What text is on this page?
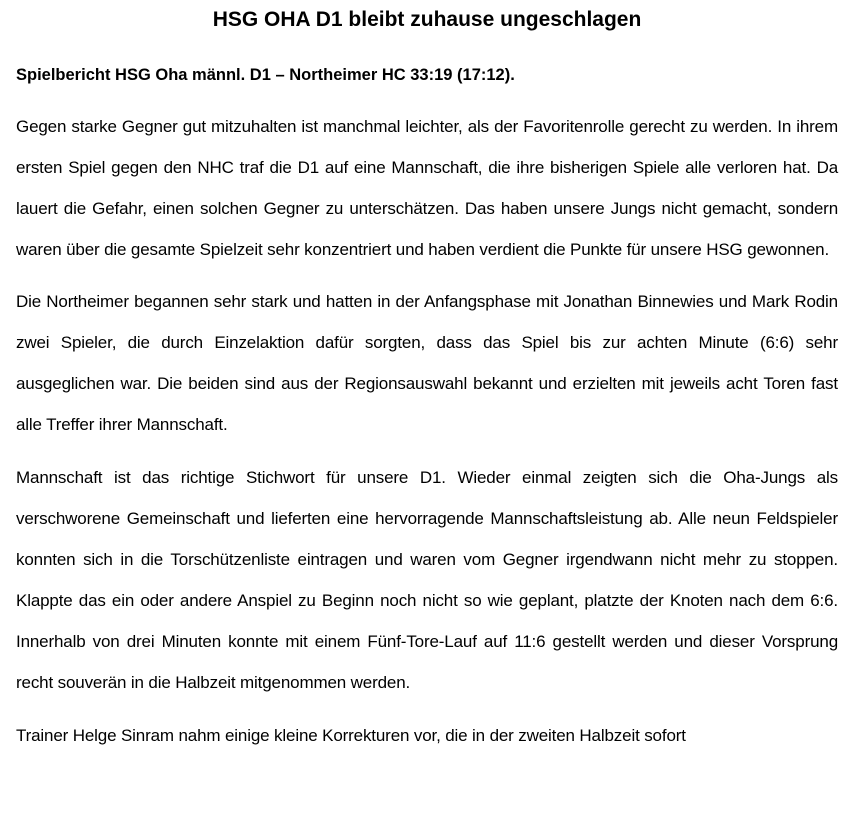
HSG OHA D1 bleibt zuhause ungeschlagen

Spielbericht HSG Oha männl. D1 – Northeimer HC 33:19 (17:12).

Gegen starke Gegner gut mitzuhalten ist manchmal leichter, als der Favoritenrolle gerecht zu werden. In ihrem ersten Spiel gegen den NHC traf die D1 auf eine Mannschaft, die ihre bisherigen Spiele alle verloren hat. Da lauert die Gefahr, einen solchen Gegner zu unterschätzen. Das haben unsere Jungs nicht gemacht, sondern waren über die gesamte Spielzeit sehr konzentriert und haben verdient die Punkte für unsere HSG gewonnen.

Die Northeimer begannen sehr stark und hatten in der Anfangsphase mit Jonathan Binnewies und Mark Rodin zwei Spieler, die durch Einzelaktion dafür sorgten, dass das Spiel bis zur achten Minute (6:6) sehr ausgeglichen war. Die beiden sind aus der Regionsauswahl bekannt und erzielten mit jeweils acht Toren fast alle Treffer ihrer Mannschaft.

Mannschaft ist das richtige Stichwort für unsere D1. Wieder einmal zeigten sich die Oha-Jungs als verschworene Gemeinschaft und lieferten eine hervorragende Mannschaftsleistung ab. Alle neun Feldspieler konnten sich in die Torschützenliste eintragen und waren vom Gegner irgendwann nicht mehr zu stoppen. Klappte das ein oder andere Anspiel zu Beginn noch nicht so wie geplant, platzte der Knoten nach dem 6:6. Innerhalb von drei Minuten konnte mit einem Fünf-Tore-Lauf auf 11:6 gestellt werden und dieser Vorsprung recht souverän in die Halbzeit mitgenommen werden.

Trainer Helge Sinram nahm einige kleine Korrekturen vor, die in der zweiten Halbzeit sofort
